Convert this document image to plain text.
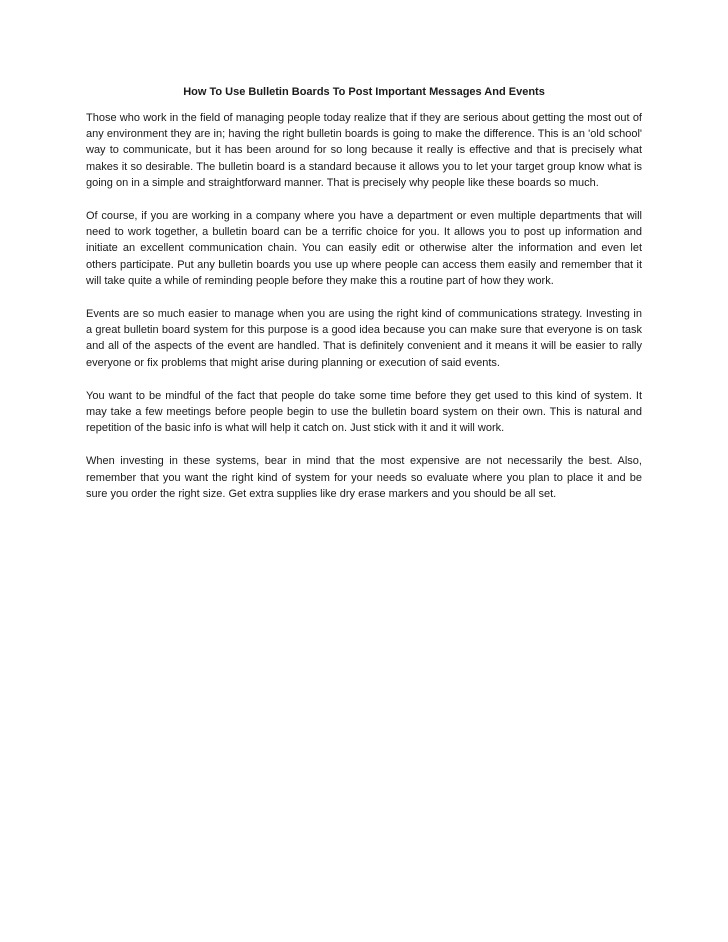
How To Use Bulletin Boards To Post Important Messages And Events

Those who work in the field of managing people today realize that if they are serious about getting the most out of any environment they are in; having the right bulletin boards is going to make the difference. This is an 'old school' way to communicate, but it has been around for so long because it really is effective and that is precisely what makes it so desirable. The bulletin board is a standard because it allows you to let your target group know what is going on in a simple and straightforward manner. That is precisely why people like these boards so much.

Of course, if you are working in a company where you have a department or even multiple departments that will need to work together, a bulletin board can be a terrific choice for you. It allows you to post up information and initiate an excellent communication chain. You can easily edit or otherwise alter the information and even let others participate. Put any bulletin boards you use up where people can access them easily and remember that it will take quite a while of reminding people before they make this a routine part of how they work.

Events are so much easier to manage when you are using the right kind of communications strategy. Investing in a great bulletin board system for this purpose is a good idea because you can make sure that everyone is on task and all of the aspects of the event are handled. That is definitely convenient and it means it will be easier to rally everyone or fix problems that might arise during planning or execution of said events.

You want to be mindful of the fact that people do take some time before they get used to this kind of system. It may take a few meetings before people begin to use the bulletin board system on their own. This is natural and repetition of the basic info is what will help it catch on. Just stick with it and it will work.

When investing in these systems, bear in mind that the most expensive are not necessarily the best. Also, remember that you want the right kind of system for your needs so evaluate where you plan to place it and be sure you order the right size. Get extra supplies like dry erase markers and you should be all set.
